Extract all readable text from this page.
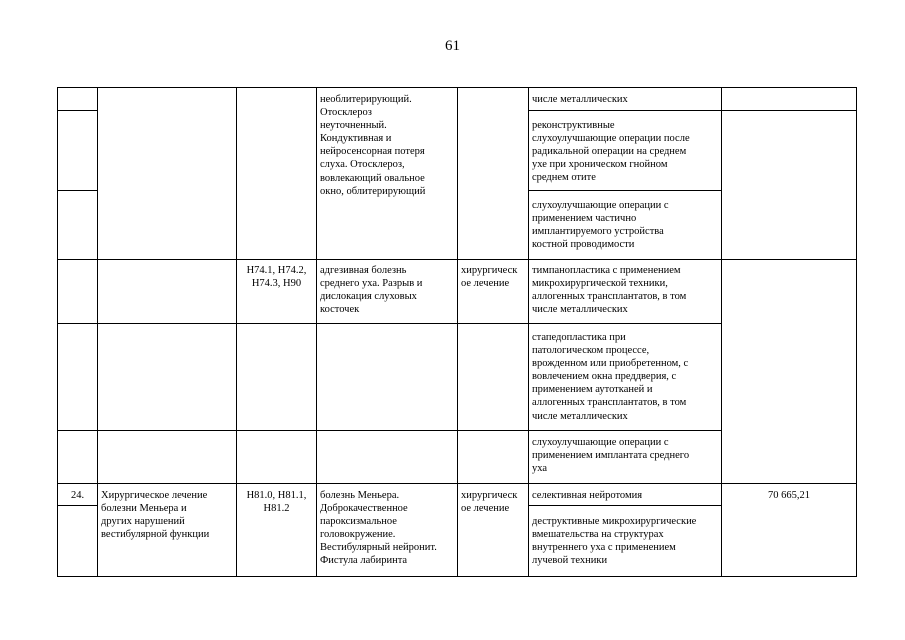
61
необлитерирующий.
Отосклероз
неуточненный.
Кондуктивная и
нейросенсорная потеря
слуха. Отосклероз,
вовлекающий овальное
окно, облитерирующий
числе металлических
реконструктивные
слухоулучшающие операции после
радикальной операции на среднем
ухе при хроническом гнойном
среднем отите
слухоулучшающие операции с
применением частично
имплантируемого устройства
костной проводимости
H74.1, H74.2,
H74.3, H90
адгезивная болезнь
среднего уха. Разрыв и
дислокация слуховых
косточек
хирургическ
ое лечение
тимпанопластика с применением
микрохирургической техники,
аллогенных трансплантатов, в том
числе металлических
стапедопластика при
патологическом процессе,
врожденном или приобретенном, с
вовлечением окна преддверия, с
применением аутотканей и
аллогенных трансплантатов, в том
числе металлических
слухоулучшающие операции с
применением имплантата среднего
уха
24.	Хирургическое лечение
болезни Меньера и
других нарушений
вестибулярной функции
H81.0, H81.1,
H81.2
болезнь Меньера.
Доброкачественное
пароксизмальное
головокружение.
Вестибулярный нейронит.
Фистула лабиринта
хирургическ
ое лечение
селективная нейротомия
деструктивные микрохирургические
вмешательства на структурах
внутреннего уха с применением
лучевой техники
70 665,21
